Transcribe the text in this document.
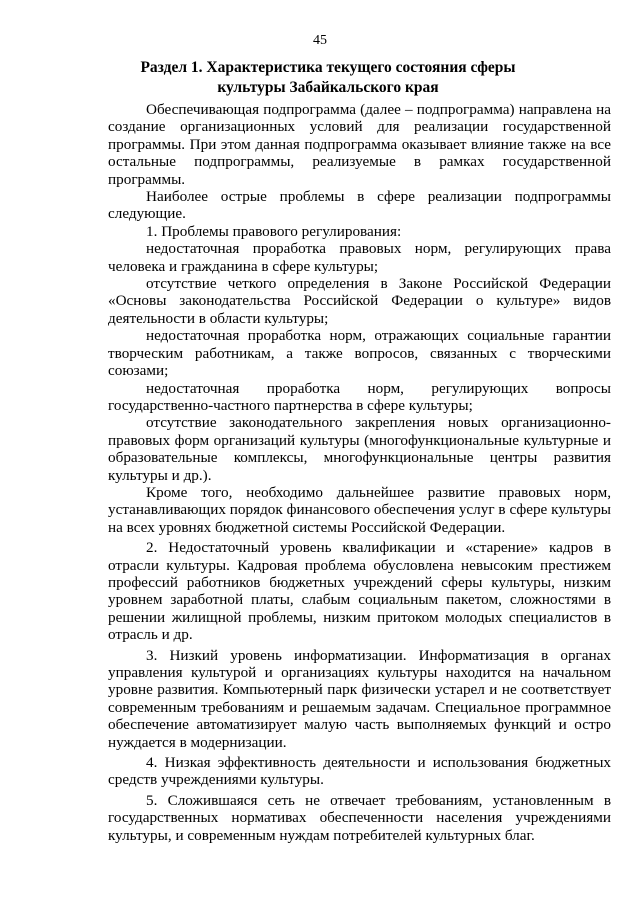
45
Раздел 1. Характеристика текущего состояния сферы культуры Забайкальского края

Обеспечивающая подпрограмма (далее – подпрограмма) направлена на создание организационных условий для реализации государственной программы. При этом данная подпрограмма оказывает влияние также на все остальные подпрограммы, реализуемые в рамках государственной программы.

Наиболее острые проблемы в сфере реализации подпрограммы следующие.

1. Проблемы правового регулирования:

недостаточная проработка правовых норм, регулирующих права человека и гражданина в сфере культуры;

отсутствие четкого определения в Законе Российской Федерации «Основы законодательства Российской Федерации о культуре» видов деятельности в области культуры;

недостаточная проработка норм, отражающих социальные гарантии творческим работникам, а также вопросов, связанных с творческими союзами;

недостаточная проработка норм, регулирующих вопросы государственно-частного партнерства в сфере культуры;

отсутствие законодательного закрепления новых организационно-правовых форм организаций культуры (многофункциональные культурные и образовательные комплексы, многофункциональные центры развития культуры и др.).

Кроме того, необходимо дальнейшее развитие правовых норм, устанавливающих порядок финансового обеспечения услуг в сфере культуры на всех уровнях бюджетной системы Российской Федерации.

2. Недостаточный уровень квалификации и «старение» кадров в отрасли культуры. Кадровая проблема обусловлена невысоким престижем профессий работников бюджетных учреждений сферы культуры, низким уровнем заработной платы, слабым социальным пакетом, сложностями в решении жилищной проблемы, низким притоком молодых специалистов в отрасль и др.

3. Низкий уровень информатизации. Информатизация в органах управления культурой и организациях культуры находится на начальном уровне развития. Компьютерный парк физически устарел и не соответствует современным требованиям и решаемым задачам. Специальное программное обеспечение автоматизирует малую часть выполняемых функций и остро нуждается в модернизации.

4. Низкая эффективность деятельности и использования бюджетных средств учреждениями культуры.

5. Сложившаяся сеть не отвечает требованиям, установленным в государственных нормативах обеспеченности населения учреждениями культуры, и современным нуждам потребителей культурных благ.
